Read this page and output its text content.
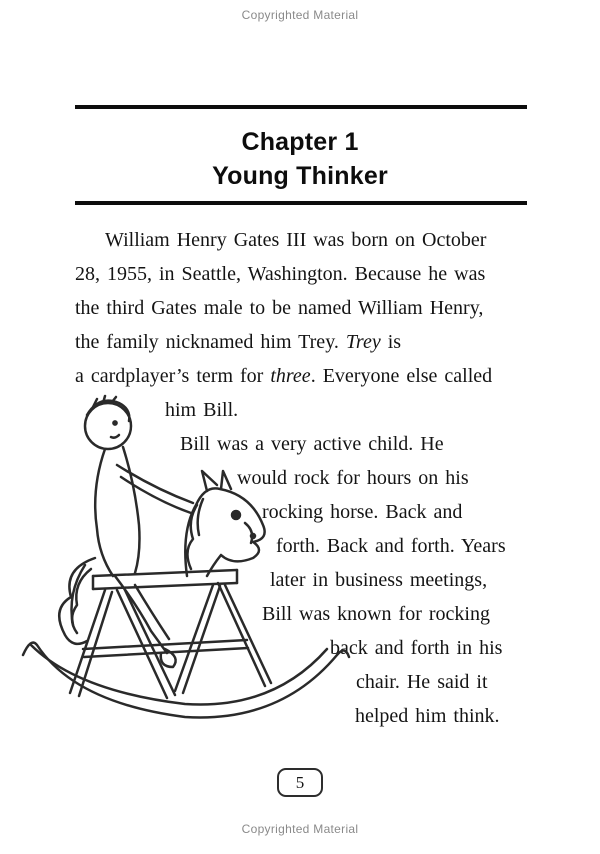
Copyrighted Material
Chapter 1
Young Thinker
William Henry Gates III was born on October
28, 1955, in Seattle, Washington. Because he was
the third Gates male to be named William Henry,
the family nicknamed him Trey. Trey is
a cardplayer’s term for three. Everyone else called
him Bill.
Bill was a very active child. He
would rock for hours on his
rocking horse. Back and
forth. Back and forth. Years
later in business meetings,
Bill was known for rocking
back and forth in his
chair. He said it
helped him think.
5
Copyrighted Material
